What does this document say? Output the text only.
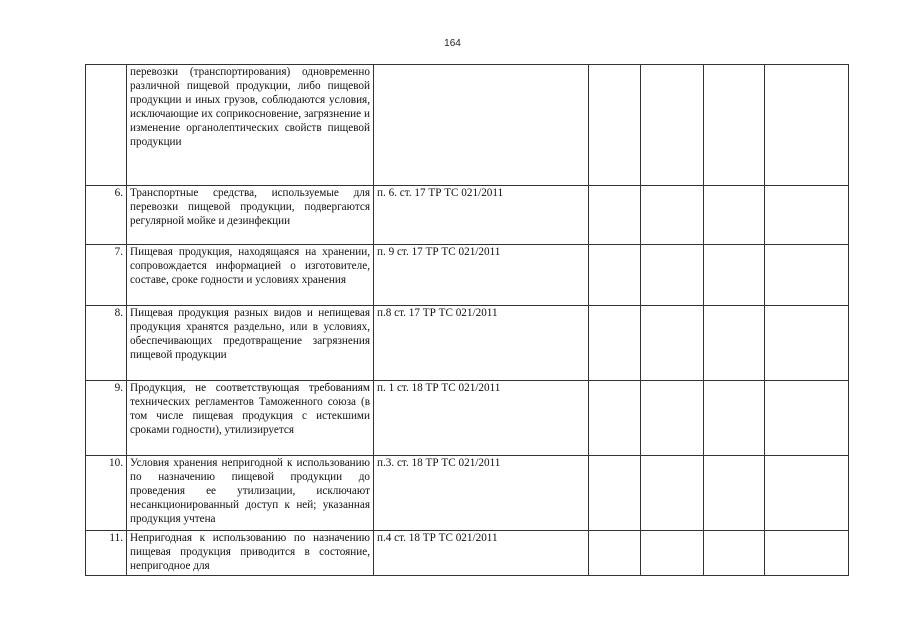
164
	перевозки (транспортирования) одновременно различной пищевой продукции, либо пищевой продукции и иных грузов, соблюдаются условия, исключающие их соприкосновение, загрязнение и изменение органолептических свойств пищевой продукции					
6.	Транспортные средства, используемые для перевозки пищевой продукции, подвергаются регулярной мойке и дезинфекции	п. 6. ст. 17 ТР ТС 021/2011				
7.	Пищевая продукция, находящаяся на хранении, сопровождается информацией о изготовителе, составе, сроке годности и условиях хранения	п. 9 ст. 17 ТР ТС 021/2011				
8.	Пищевая продукция разных видов и непищевая продукция хранятся раздельно, или в условиях, обеспечивающих предотвращение загрязнения пищевой продукции	п.8 ст. 17 ТР ТС 021/2011				
9.	Продукция, не соответствующая требованиям технических регламентов Таможенного союза (в том числе пищевая продукция с истекшими сроками годности), утилизируется	п. 1 ст. 18 ТР ТС 021/2011				
10.	Условия хранения непригодной к использованию по назначению пищевой продукции до проведения ее утилизации, исключают несанкционированный доступ к ней; указанная продукция учтена	п.3. ст. 18 ТР ТС 021/2011				
11.	Непригодная к использованию по назначению пищевая продукция приводится в состояние, непригодное для	п.4 ст. 18 ТР ТС 021/2011				
